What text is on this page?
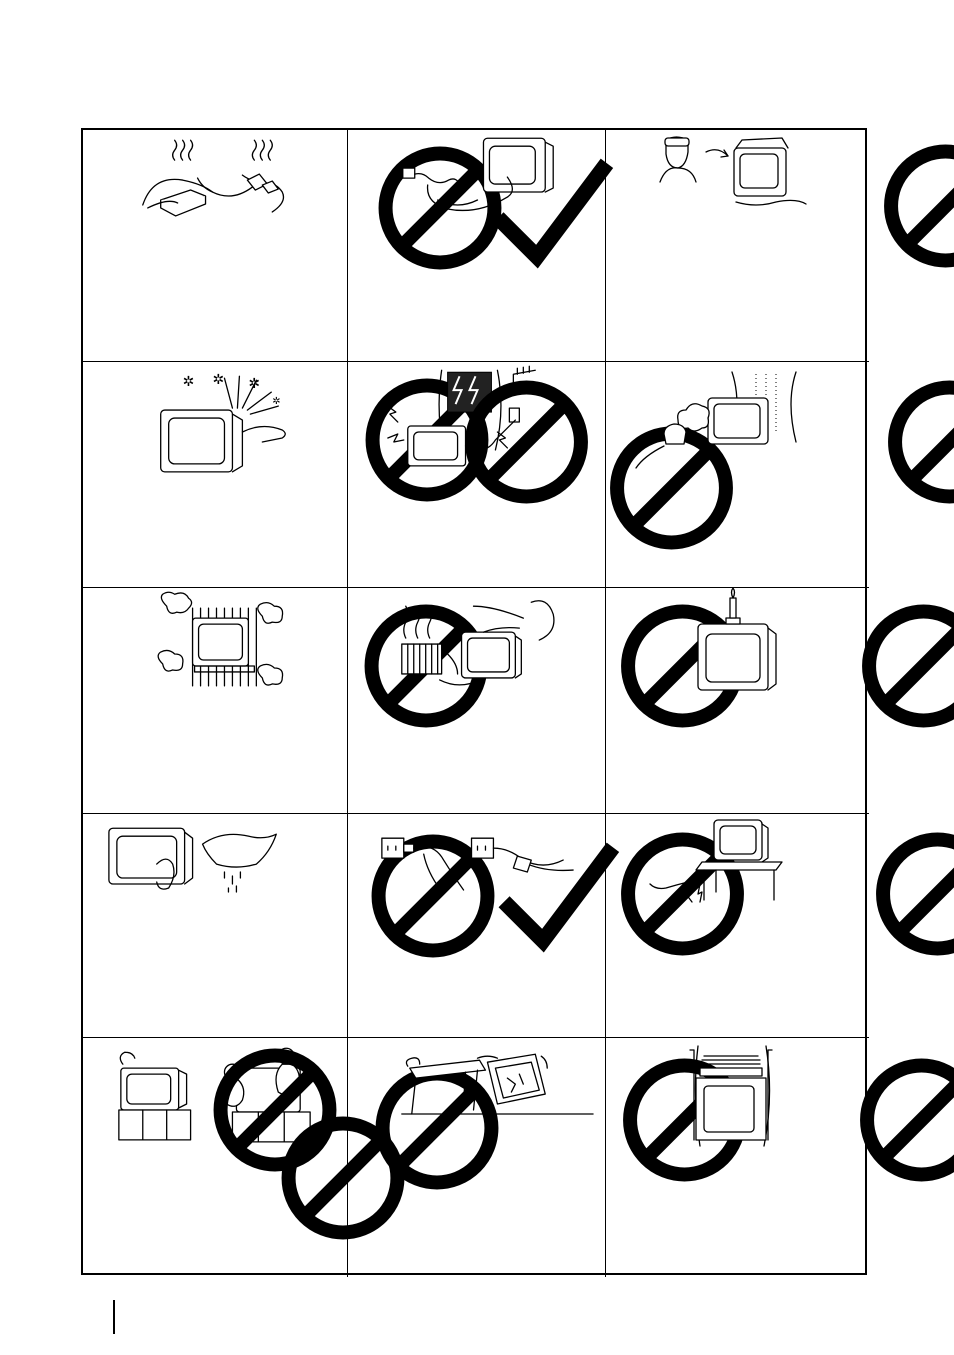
✲ ✲ ✲
✲
